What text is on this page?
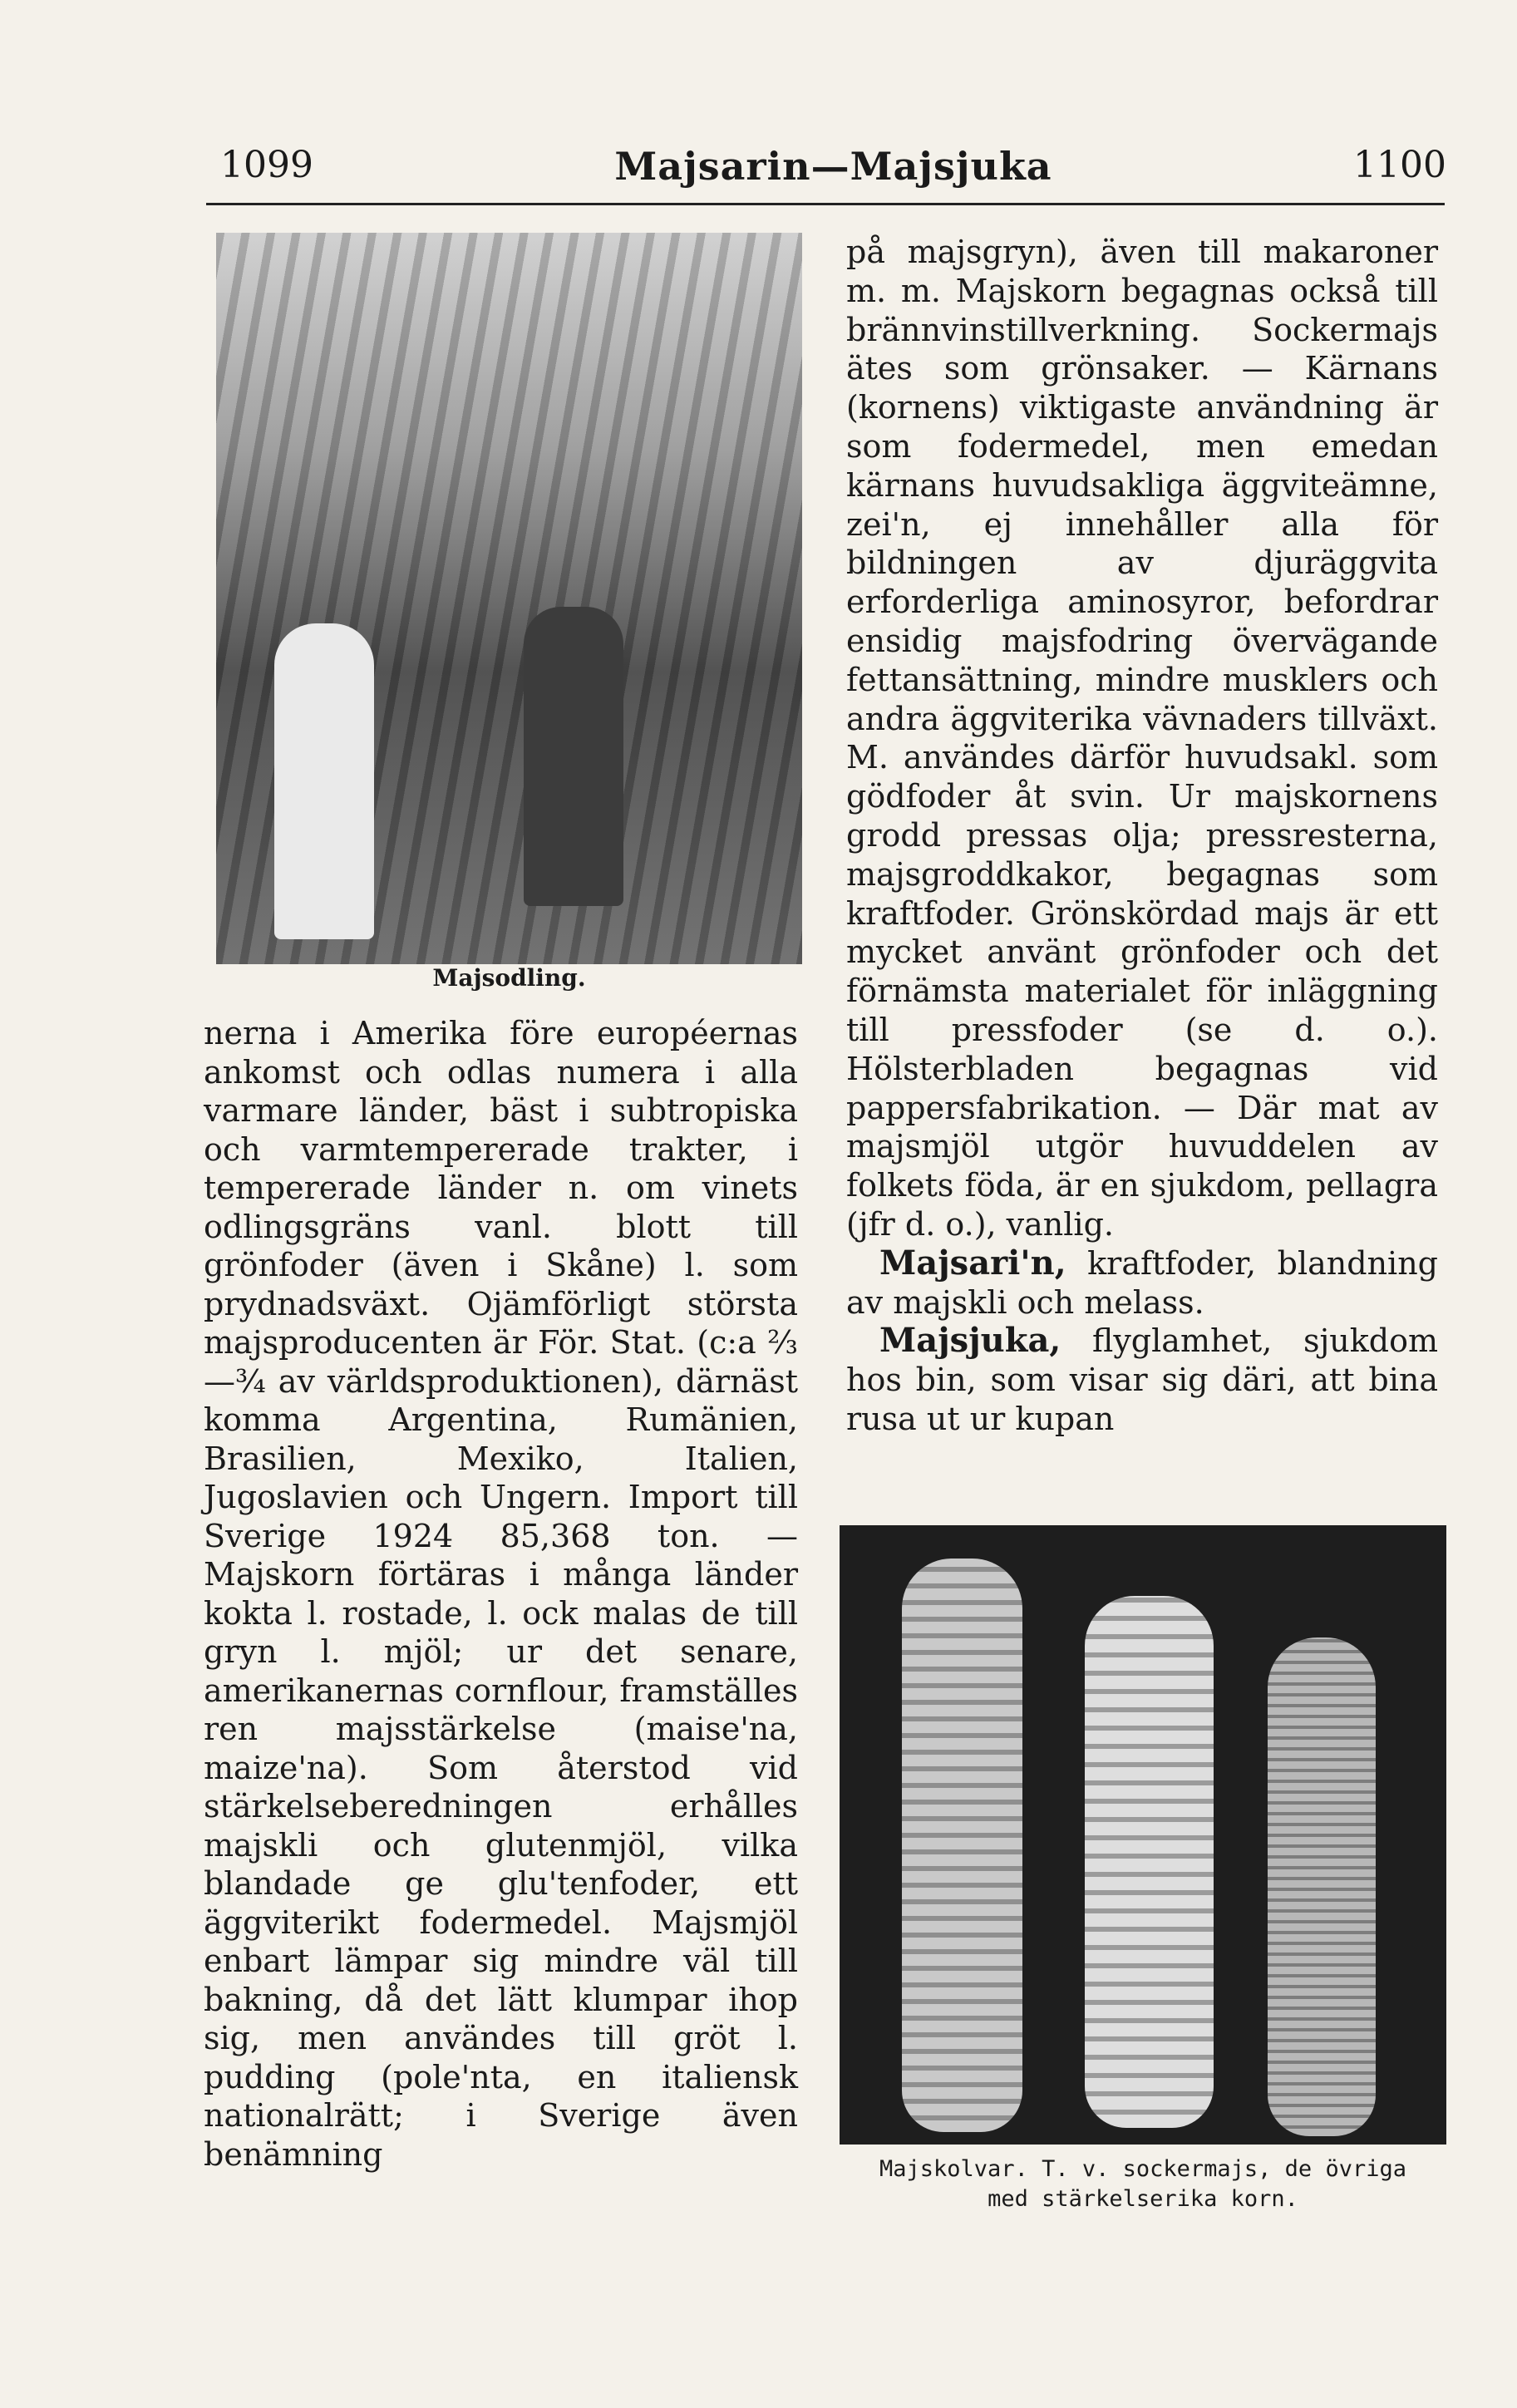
1099	Majsarin—Majsjuka	1100
Majsodling.

nerna i Amerika före européernas ankomst och odlas numera i alla varmare länder, bäst i subtropiska och varmtempererade trakter, i tempererade länder n. om vinets odlingsgräns vanl. blott till grönfoder (även i Skåne) l. som prydnadsväxt. Ojämförligt största majsproducenten är För. Stat. (c:a ⅔—¾ av världsproduktionen), därnäst komma Argentina, Rumänien, Brasilien, Mexiko, Italien, Jugoslavien och Ungern. Import till Sverige 1924 85,368 ton. — Majskorn förtäras i många länder kokta l. rostade, l. ock malas de till gryn l. mjöl; ur det senare, amerikanernas cornflour, framställes ren majsstärkelse (maise'na, maize'na). Som återstod vid stärkelseberedningen erhålles majskli och glutenmjöl, vilka blandade ge glu'tenfoder, ett äggviterikt fodermedel. Majsmjöl enbart lämpar sig mindre väl till bakning, då det lätt klumpar ihop sig, men användes till gröt l. pudding (pole'nta, en italiensk nationalrätt; i Sverige även benämning

på majsgryn), även till makaroner m. m. Majskorn begagnas också till brännvinstillverkning. Sockermajs ätes som grönsaker. — Kärnans (kornens) viktigaste användning är som fodermedel, men emedan kärnans huvudsakliga äggviteämne, zei'n, ej innehåller alla för bildningen av djuräggvita erforderliga aminosyror, befordrar ensidig majsfodring övervägande fettansättning, mindre musklers och andra äggviterika vävnaders tillväxt. M. användes därför huvudsakl. som gödfoder åt svin. Ur majskornens grodd pressas olja; pressresterna, majsgroddkakor, begagnas som kraftfoder. Grönskördad majs är ett mycket använt grönfoder och det förnämsta materialet för inläggning till pressfoder (se d. o.). Hölsterbladen begagnas vid pappersfabrikation. — Där mat av majsmjöl utgör huvuddelen av folkets föda, är en sjukdom, pellagra (jfr d. o.), vanlig.

Majsari'n, kraftfoder, blandning av majskli och melass.

Majsjuka, flyglamhet, sjukdom hos bin, som visar sig däri, att bina rusa ut ur kupan

Majskolvar. T. v. sockermajs, de övriga
med stärkelserika korn.
